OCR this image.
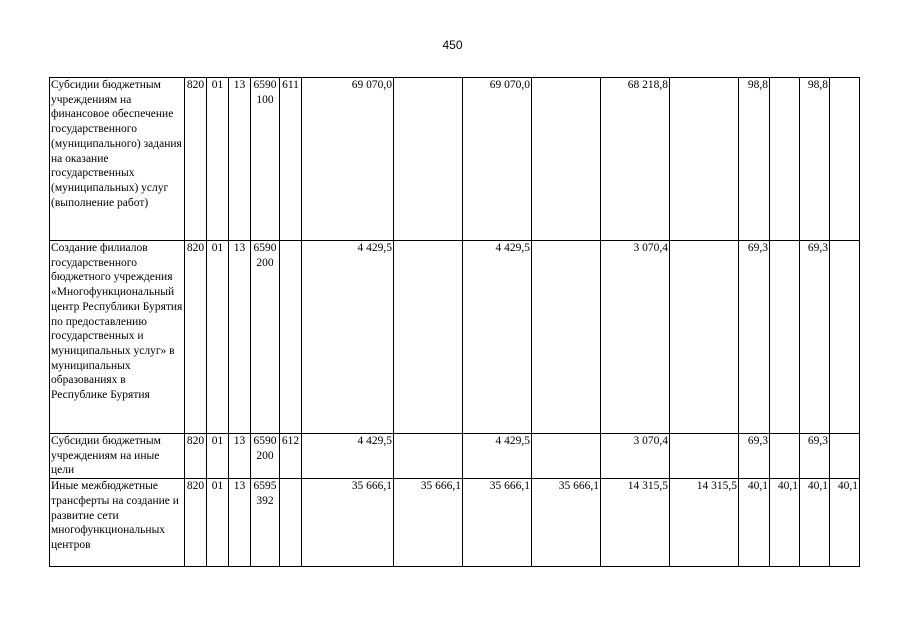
450
Субсидии бюджетным учреждениям на финансовое обеспечение государственного (муниципального) задания на оказание государственных (муниципальных) услуг (выполнение работ)	820	01	13	6590 100	611	69 070,0		69 070,0		68 218,8		98,8		98,8	
Создание филиалов государственного бюджетного учреждения «Многофункциональный центр Республики Бурятия по предоставлению государственных и муниципальных услуг» в муниципальных образованиях в Республике Бурятия	820	01	13	6590 200		4 429,5		4 429,5		3 070,4		69,3		69,3	
Субсидии бюджетным учреждениям на иные цели	820	01	13	6590 200	612	4 429,5		4 429,5		3 070,4		69,3		69,3	
Иные межбюджетные трансферты на создание и развитие сети многофункциональных центров	820	01	13	6595 392		35 666,1	35 666,1	35 666,1	35 666,1	14 315,5	14 315,5	40,1	40,1	40,1	40,1
